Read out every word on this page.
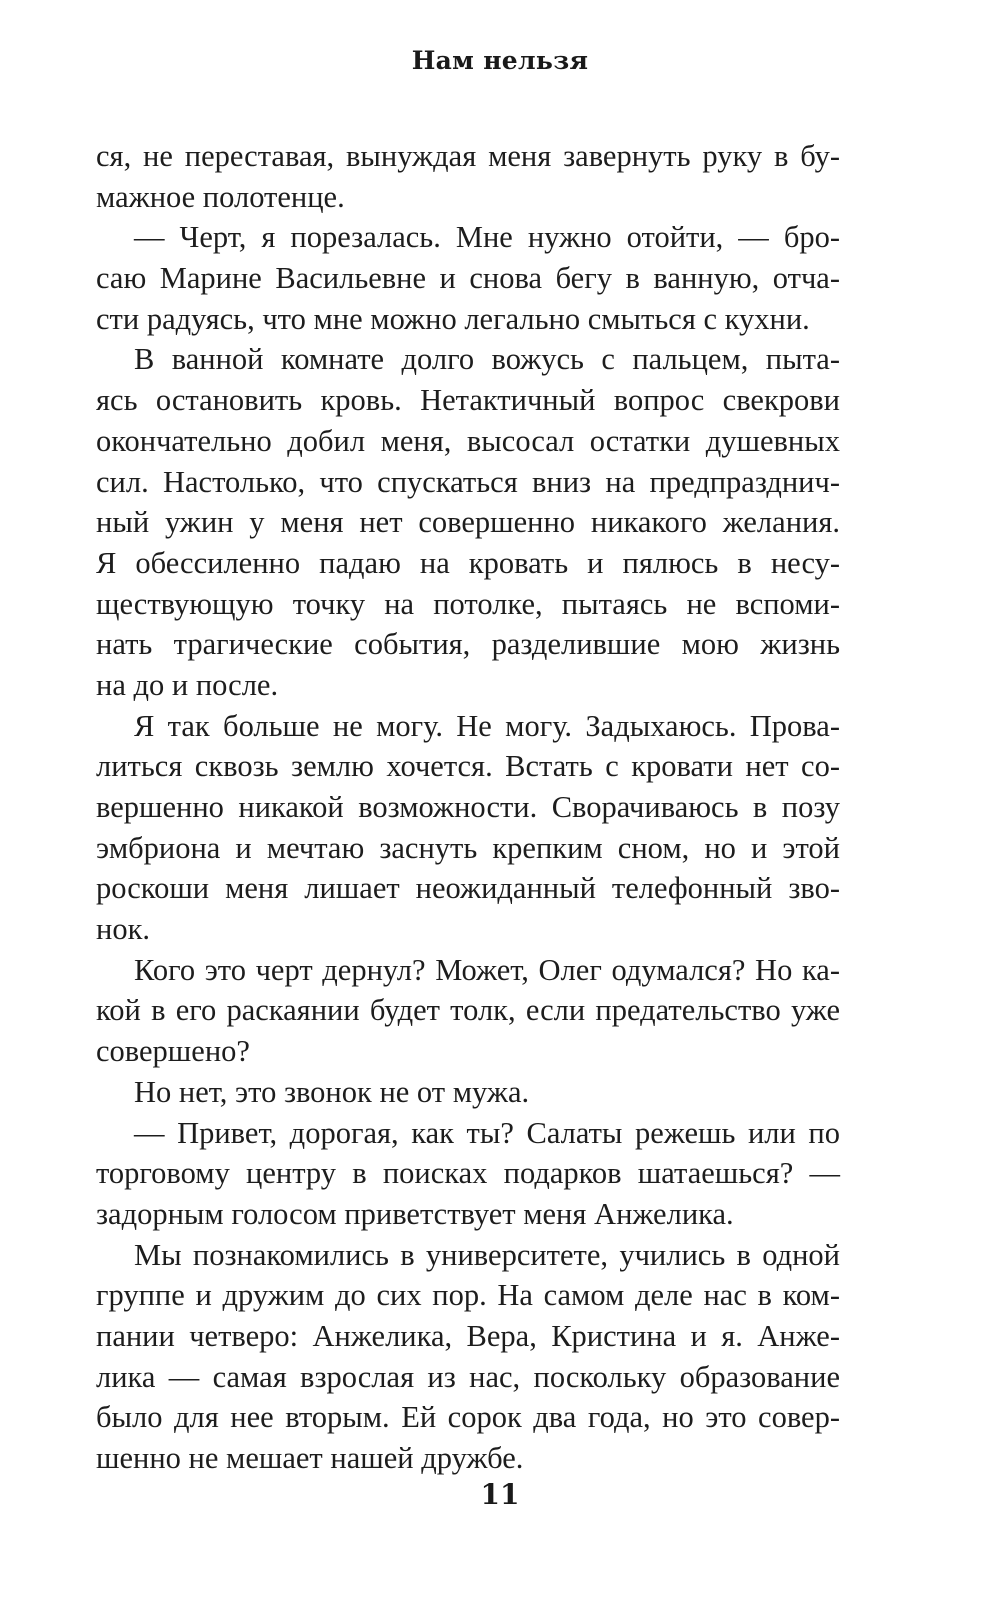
Нам нельзя
ся, не переставая, вынуждая меня завернуть руку в бу-
мажное полотенце.
— Черт, я порезалась. Мне нужно отойти, — бро-
саю Марине Васильевне и снова бегу в ванную, отча-
сти радуясь, что мне можно легально смыться с кухни.
В ванной комнате долго вожусь с пальцем, пыта-
ясь остановить кровь. Нетактичный вопрос свекрови
окончательно добил меня, высосал остатки душевных
сил. Настолько, что спускаться вниз на предпразднич-
ный ужин у меня нет совершенно никакого желания.
Я обессиленно падаю на кровать и пялюсь в несу-
ществующую точку на потолке, пытаясь не вспоми-
нать трагические события, разделившие мою жизнь
на до и после.
Я так больше не могу. Не могу. Задыхаюсь. Прова-
литься сквозь землю хочется. Встать с кровати нет со-
вершенно никакой возможности. Сворачиваюсь в позу
эмбриона и мечтаю заснуть крепким сном, но и этой
роскоши меня лишает неожиданный телефонный зво-
нок.
Кого это черт дернул? Может, Олег одумался? Но ка-
кой в его раскаянии будет толк, если предательство уже
совершено?
Но нет, это звонок не от мужа.
— Привет, дорогая, как ты? Салаты режешь или по
торговому центру в поисках подарков шатаешься? —
задорным голосом приветствует меня Анжелика.
Мы познакомились в университете, учились в одной
группе и дружим до сих пор. На самом деле нас в ком-
пании четверо: Анжелика, Вера, Кристина и я. Анже-
лика — самая взрослая из нас, поскольку образование
было для нее вторым. Ей сорок два года, но это совер-
шенно не мешает нашей дружбе.
11
